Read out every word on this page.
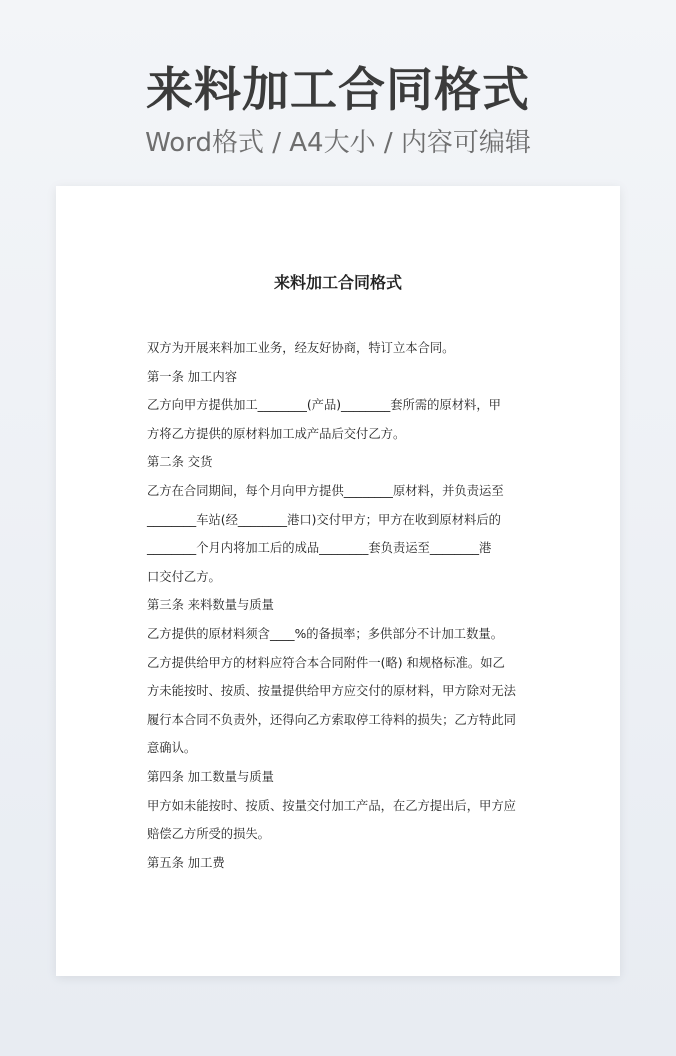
来料加工合同格式
Word格式 / A4大小 / 内容可编辑
来料加工合同格式
双方为开展来料加工业务，经友好协商，特订立本合同。
第一条 加工内容
乙方向甲方提供加工________(产品)________套所需的原材料，甲
方将乙方提供的原材料加工成产品后交付乙方。
第二条 交货
乙方在合同期间，每个月向甲方提供________原材料，并负责运至
________车站(经________港口)交付甲方；甲方在收到原材料后的
________个月内将加工后的成品________套负责运至________港
口交付乙方。
第三条 来料数量与质量
乙方提供的原材料须含____%的备损率；多供部分不计加工数量。
乙方提供给甲方的材料应符合本合同附件一(略) 和规格标准。如乙
方未能按时、按质、按量提供给甲方应交付的原材料，甲方除对无法
履行本合同不负责外，还得向乙方索取停工待料的损失；乙方特此同
意确认。
第四条 加工数量与质量
甲方如未能按时、按质、按量交付加工产品，在乙方提出后，甲方应
赔偿乙方所受的损失。
第五条 加工费
